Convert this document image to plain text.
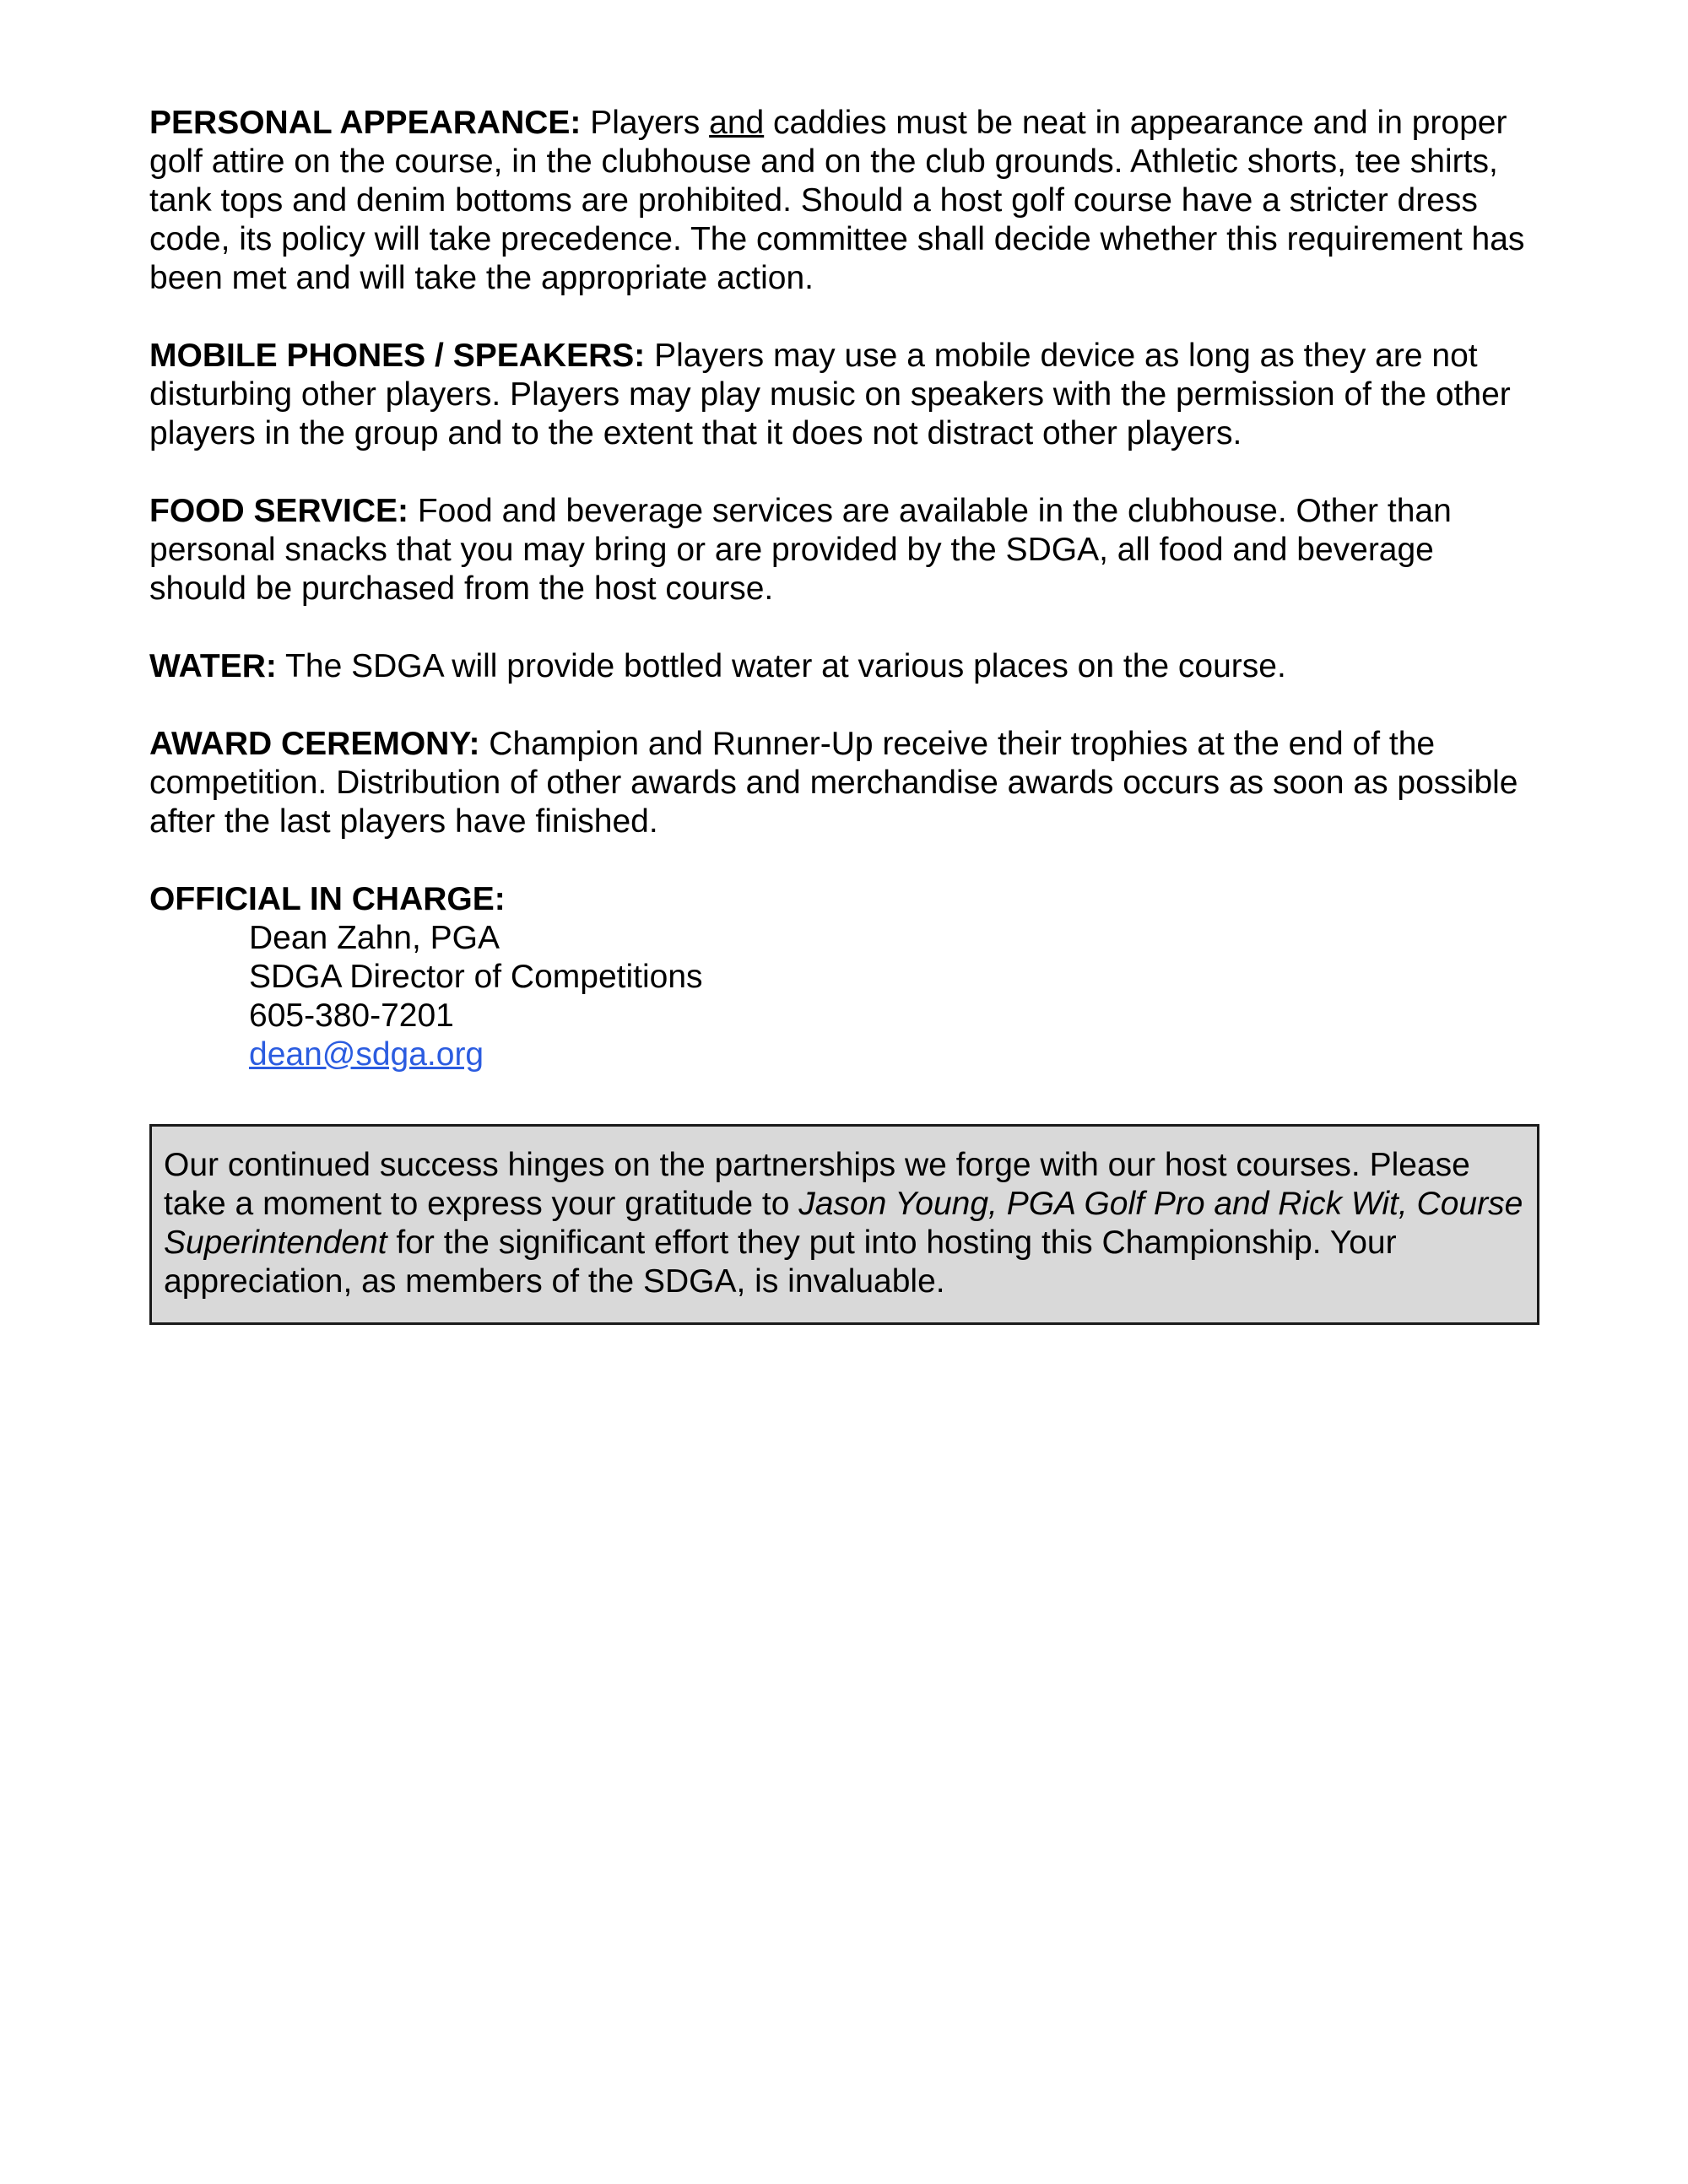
PERSONAL APPEARANCE: Players and caddies must be neat in appearance and in proper golf attire on the course, in the clubhouse and on the club grounds. Athletic shorts, tee shirts, tank tops and denim bottoms are prohibited. Should a host golf course have a stricter dress code, its policy will take precedence. The committee shall decide whether this requirement has been met and will take the appropriate action.

MOBILE PHONES / SPEAKERS: Players may use a mobile device as long as they are not disturbing other players. Players may play music on speakers with the permission of the other players in the group and to the extent that it does not distract other players.

FOOD SERVICE: Food and beverage services are available in the clubhouse. Other than personal snacks that you may bring or are provided by the SDGA, all food and beverage should be purchased from the host course.

WATER: The SDGA will provide bottled water at various places on the course.

AWARD CEREMONY: Champion and Runner-Up receive their trophies at the end of the competition. Distribution of other awards and merchandise awards occurs as soon as possible after the last players have finished.

OFFICIAL IN CHARGE:

Dean Zahn, PGA

SDGA Director of Competitions

605-380-7201

dean@sdga.org

Our continued success hinges on the partnerships we forge with our host courses. Please take a moment to express your gratitude to Jason Young, PGA Golf Pro and Rick Wit, Course Superintendent for the significant effort they put into hosting this Championship. Your appreciation, as members of the SDGA, is invaluable.
